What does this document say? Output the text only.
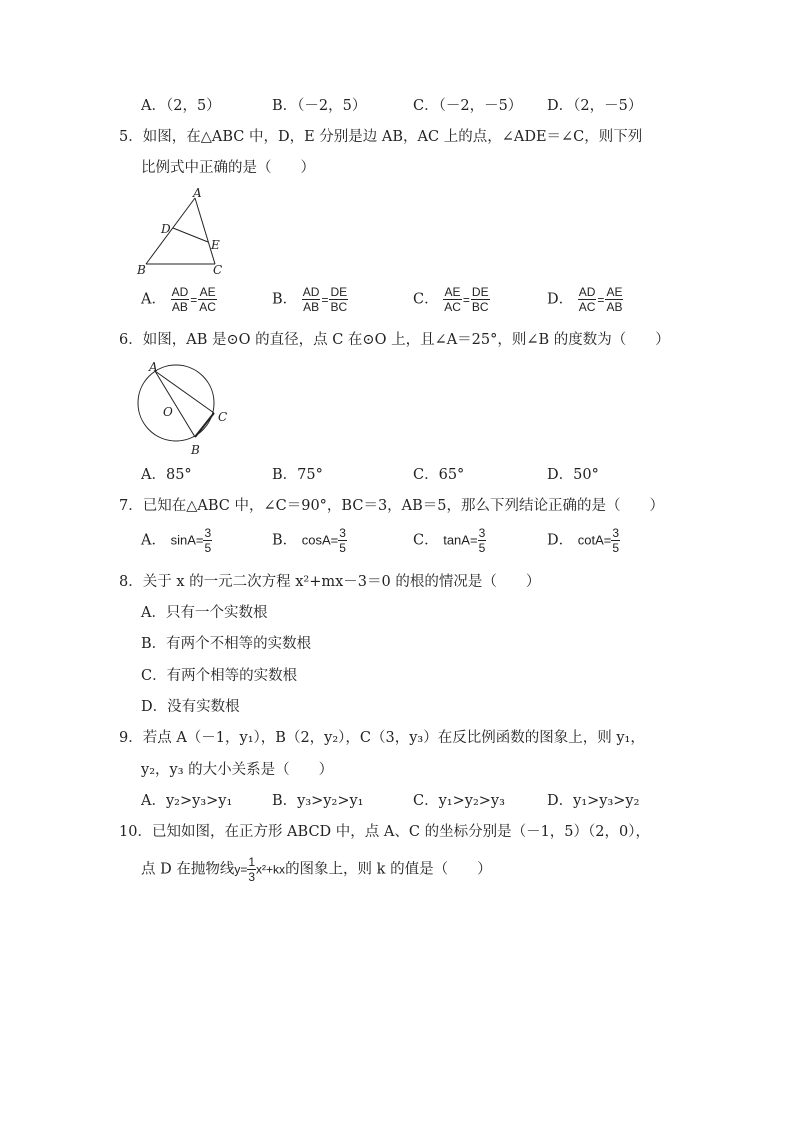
A．（2，5）	B．（－2，5）	C．（－2，－5） D．（2，－5）
5．如图，在△ABC 中，D，E 分别是边 AB，AC 上的点，∠ADE＝∠C，则下列
比例式中正确的是（　　）
A
D
E
B	C
A． $\frac{AD}{AB} = \frac{AE}{AC}$	B． $\frac{AD}{AB} = \frac{DE}{BC}$	C． $\frac{AE}{AC} = \frac{DE}{BC}$	D． $\frac{AD}{AC} = \frac{AE}{AB}$
6．如图，AB 是⊙O 的直径，点 C 在⊙O 上，且∠A＝25°，则∠B 的度数为（　　）
A
O	C
B
A．85°	B．75°	C．65°	D．50°
7．已知在△ABC 中，∠C＝90°，BC＝3，AB＝5，那么下列结论正确的是（　　）
A． $\sin A= \frac{3}{5}$	B． $\cos A= \frac{3}{5}$	C． $\tan A= \frac{3}{5}$	D． $\cot A= \frac{3}{5}$
8．关于 x 的一元二次方程 x²+mx－3＝0 的根的情况是（　　）
A．只有一个实数根
B．有两个不相等的实数根
C．有两个相等的实数根
D．没有实数根
9．若点 A（－1，y₁），B（2，y₂），C（3，y₃）在反比例函数的图象上，则 y₁，
y₂，y₃ 的大小关系是（　　）
A．y₂>y₃>y₁	B．y₃>y₂>y₁	C．y₁>y₂>y₃	D．y₁>y₃>y₂
10．已知如图，在正方形 ABCD 中，点 A、C 的坐标分别是（－1，5）（2，0），
点 D 在抛物线$y= \frac{1}{3} x^2+kx$的图象上，则 k 的值是（　　）
